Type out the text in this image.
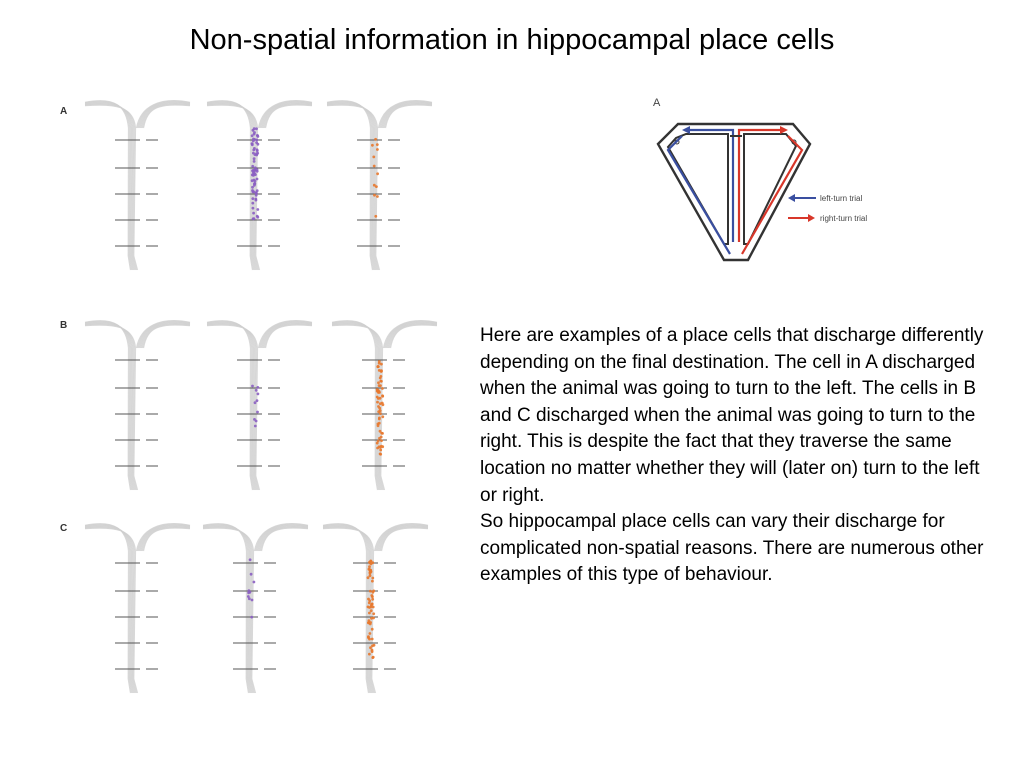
Non-spatial information in hippocampal place cells
A
B
C
A
left-turn trial
right-turn trial

Here are examples of a place cells that discharge differently depending on the final destination. The cell in A discharged when the animal was going to turn to the left. The cells in B and C discharged when the animal was going to turn to the right. This is despite the fact that they traverse the same location no matter whether they will (later on) turn to the left or right.

So hippocampal place cells can vary their discharge for complicated non-spatial reasons. There are numerous other examples of this type of behaviour.
